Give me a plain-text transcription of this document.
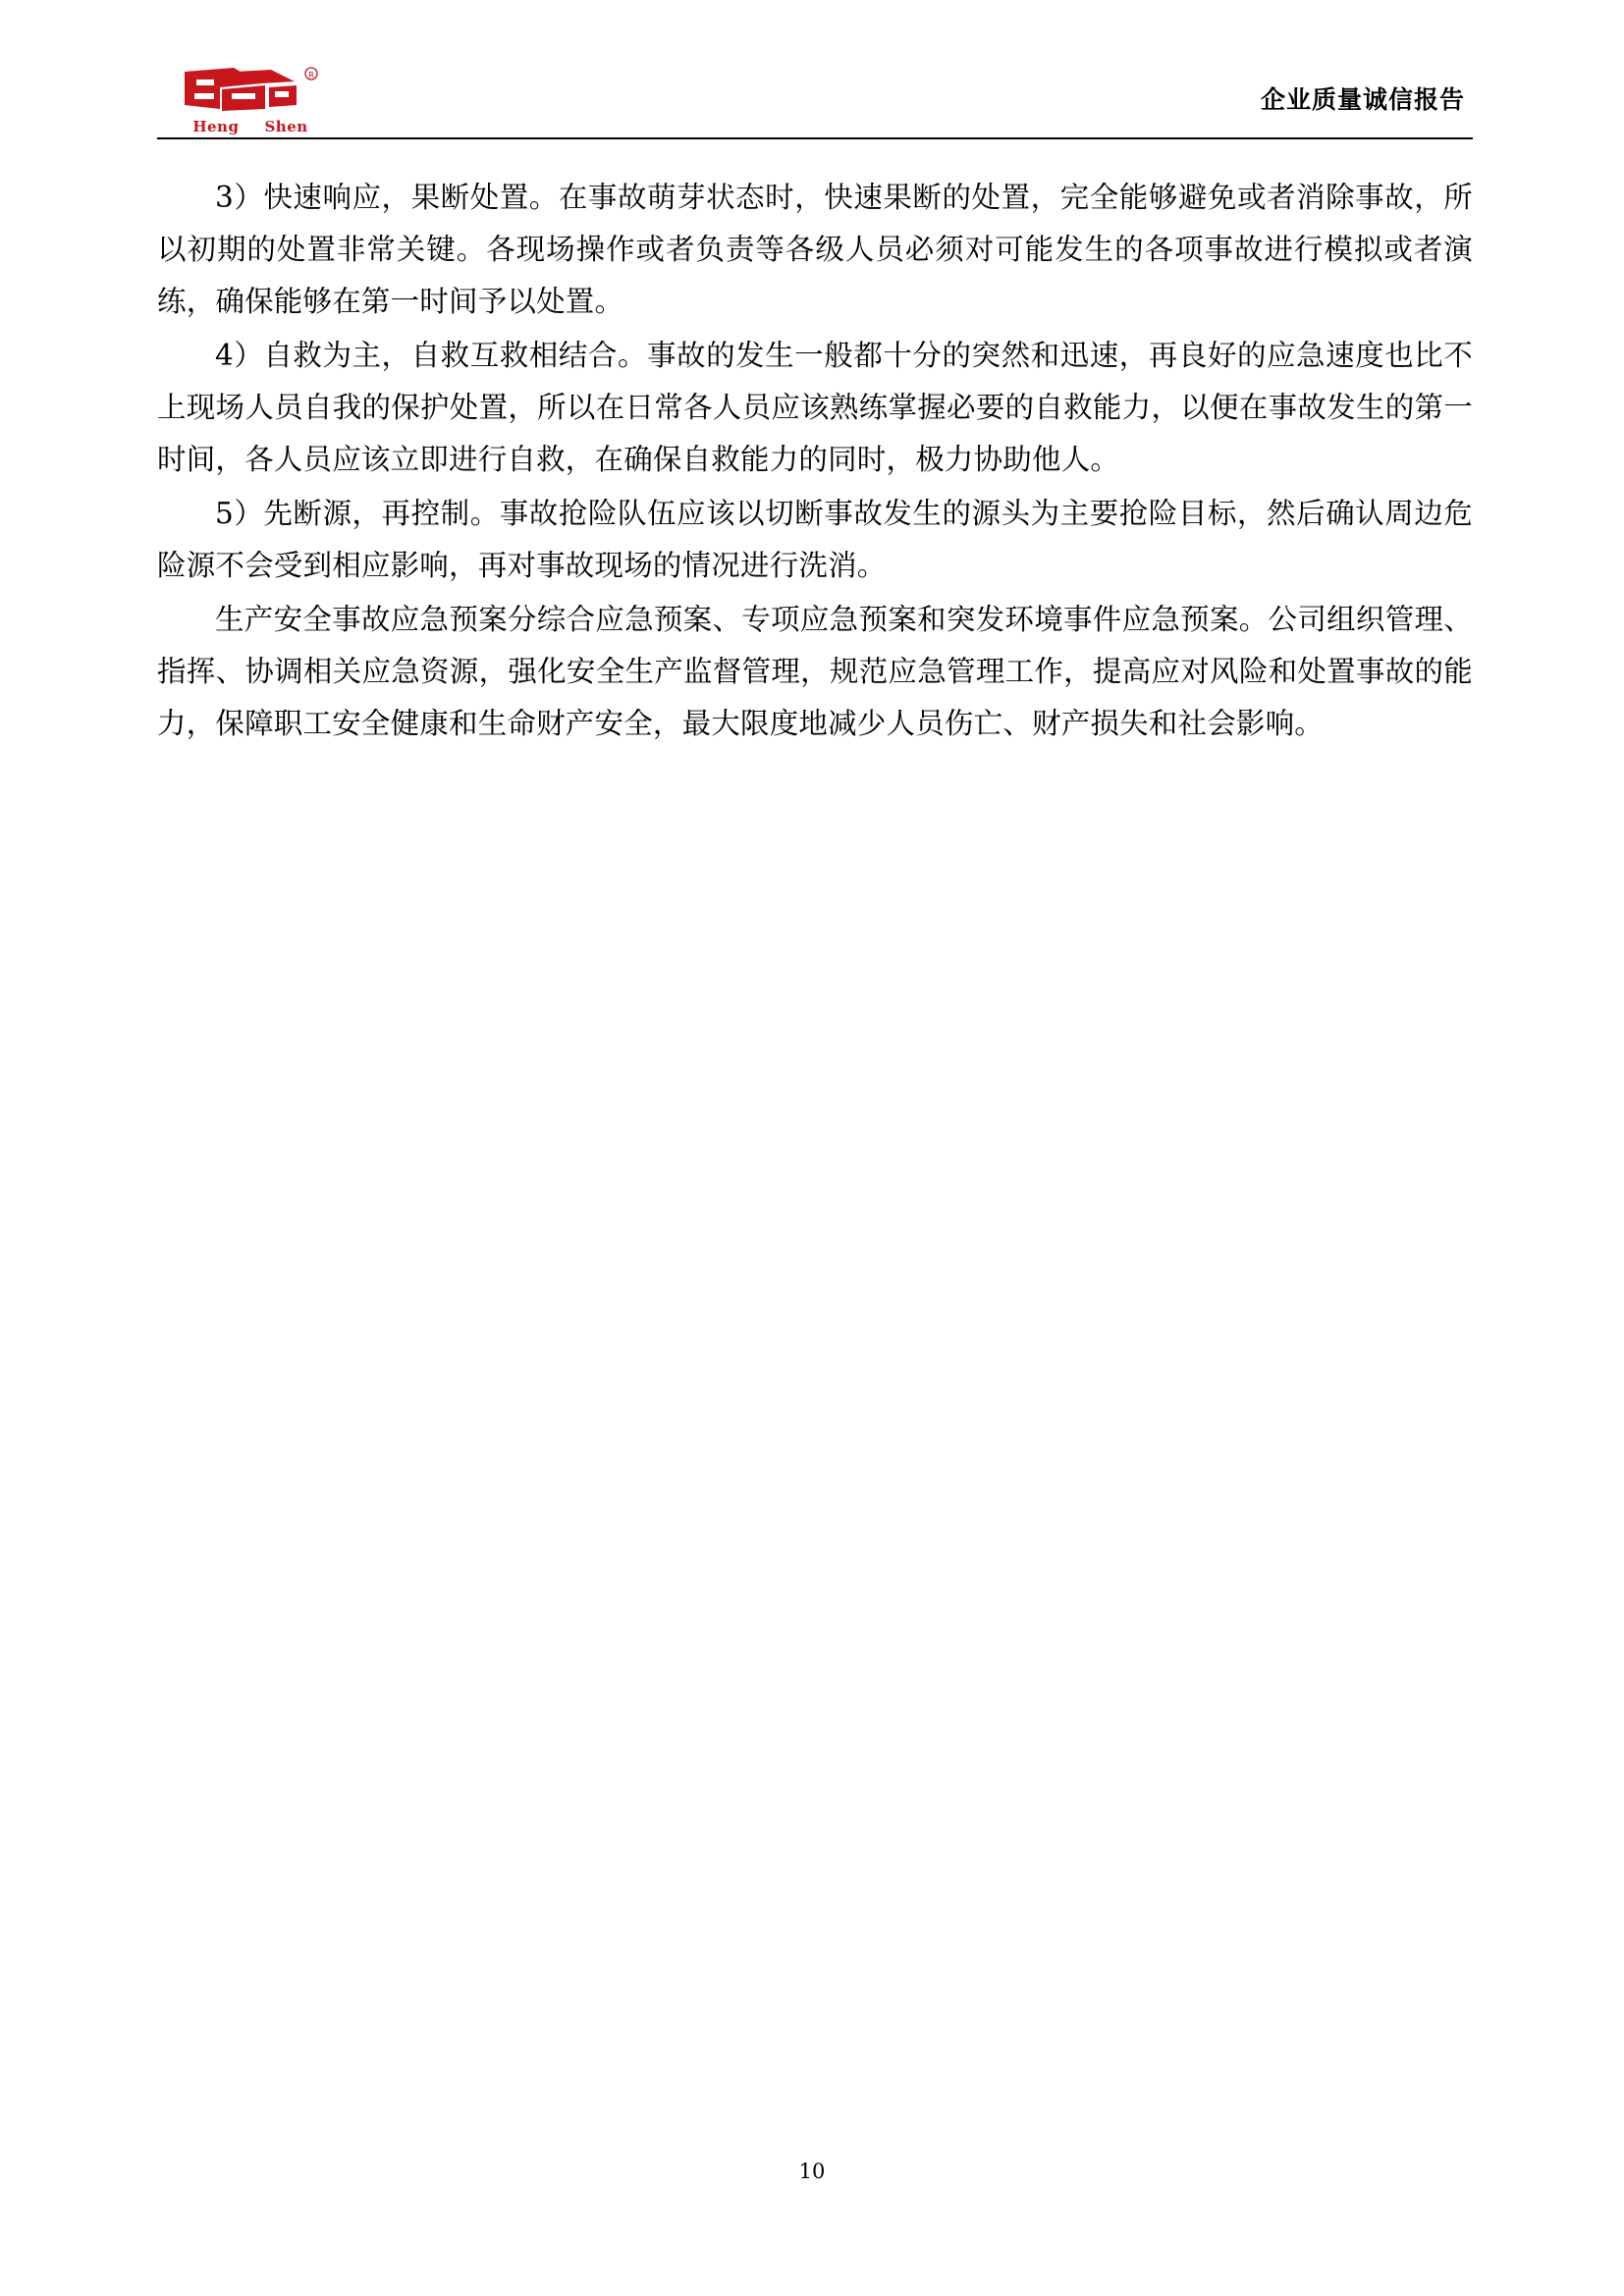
R
Heng Shen
企业质量诚信报告

3）快速响应，果断处置。在事故萌芽状态时，快速果断的处置，完全能够避免或者消除事故，所以初期的处置非常关键。各现场操作或者负责等各级人员必须对可能发生的各项事故进行模拟或者演练，确保能够在第一时间予以处置。

4）自救为主，自救互救相结合。事故的发生一般都十分的突然和迅速，再良好的应急速度也比不上现场人员自我的保护处置，所以在日常各人员应该熟练掌握必要的自救能力，以便在事故发生的第一时间，各人员应该立即进行自救，在确保自救能力的同时，极力协助他人。

5）先断源，再控制。事故抢险队伍应该以切断事故发生的源头为主要抢险目标，然后确认周边危险源不会受到相应影响，再对事故现场的情况进行洗消。

生产安全事故应急预案分综合应急预案、专项应急预案和突发环境事件应急预案。公司组织管理、指挥、协调相关应急资源，强化安全生产监督管理，规范应急管理工作，提高应对风险和处置事故的能力，保障职工安全健康和生命财产安全，最大限度地减少人员伤亡、财产损失和社会影响。

10
